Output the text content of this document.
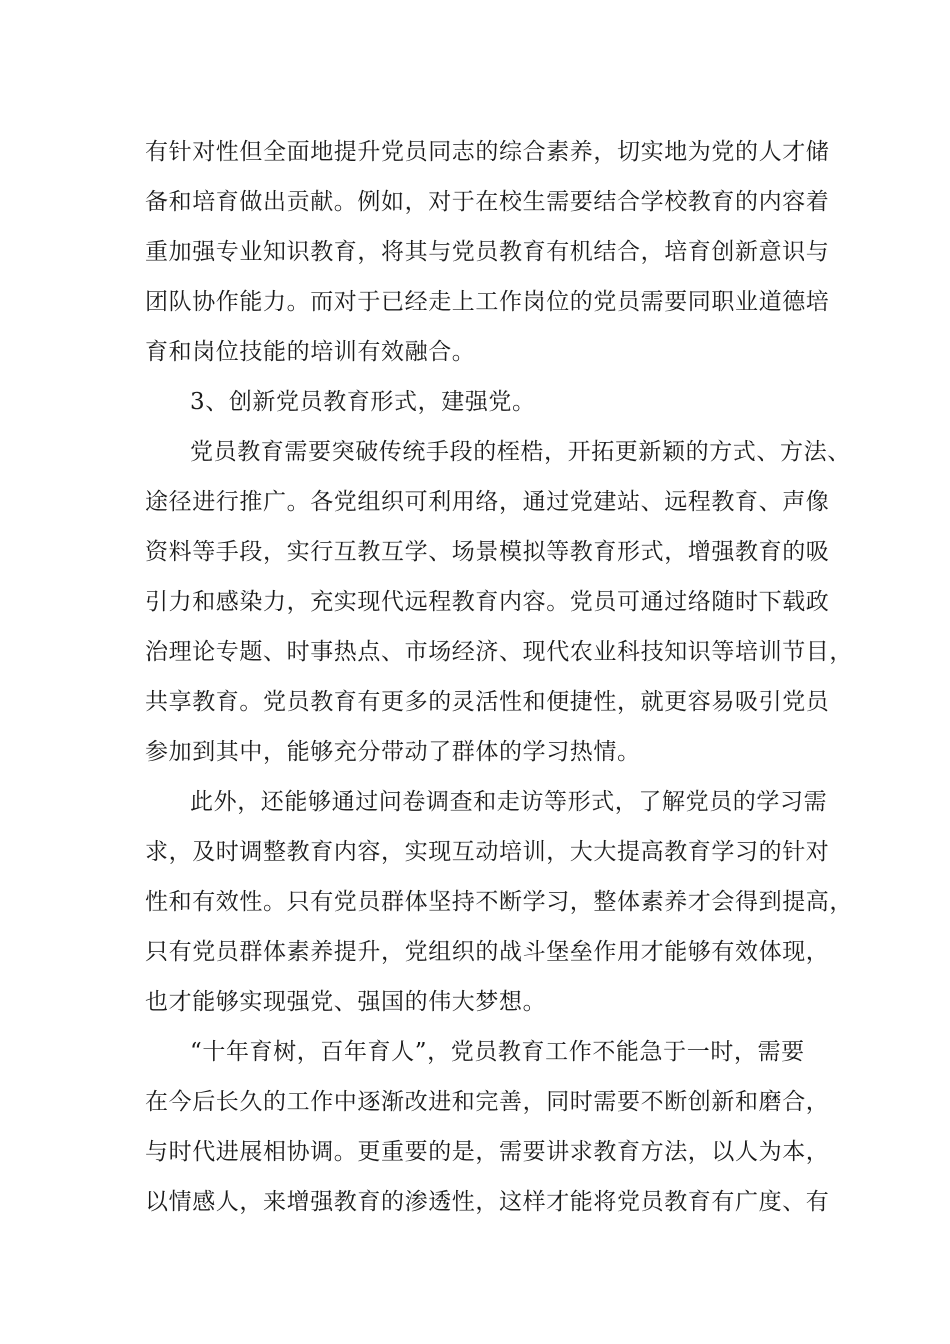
有针对性但全面地提升党员同志的综合素养，切实地为党的人才储
备和培育做出贡献。例如，对于在校生需要结合学校教育的内容着
重加强专业知识教育，将其与党员教育有机结合，培育创新意识与
团队协作能力。而对于已经走上工作岗位的党员需要同职业道德培
育和岗位技能的培训有效融合。
3、创新党员教育形式，建强党。
党员教育需要突破传统手段的桎梏，开拓更新颖的方式、方法、
途径进行推广。各党组织可利用络，通过党建站、远程教育、声像
资料等手段，实行互教互学、场景模拟等教育形式，增强教育的吸
引力和感染力，充实现代远程教育内容。党员可通过络随时下载政
治理论专题、时事热点、市场经济、现代农业科技知识等培训节目，
共享教育。党员教育有更多的灵活性和便捷性，就更容易吸引党员
参加到其中，能够充分带动了群体的学习热情。
此外，还能够通过问卷调查和走访等形式，了解党员的学习需
求，及时调整教育内容，实现互动培训，大大提高教育学习的针对
性和有效性。只有党员群体坚持不断学习，整体素养才会得到提高，
只有党员群体素养提升，党组织的战斗堡垒作用才能够有效体现，
也才能够实现强党、强国的伟大梦想。
“十年育树，百年育人”，党员教育工作不能急于一时，需要
在今后长久的工作中逐渐改进和完善，同时需要不断创新和磨合，
与时代进展相协调。更重要的是，需要讲求教育方法，以人为本，
以情感人，来增强教育的渗透性，这样才能将党员教育有广度、有
